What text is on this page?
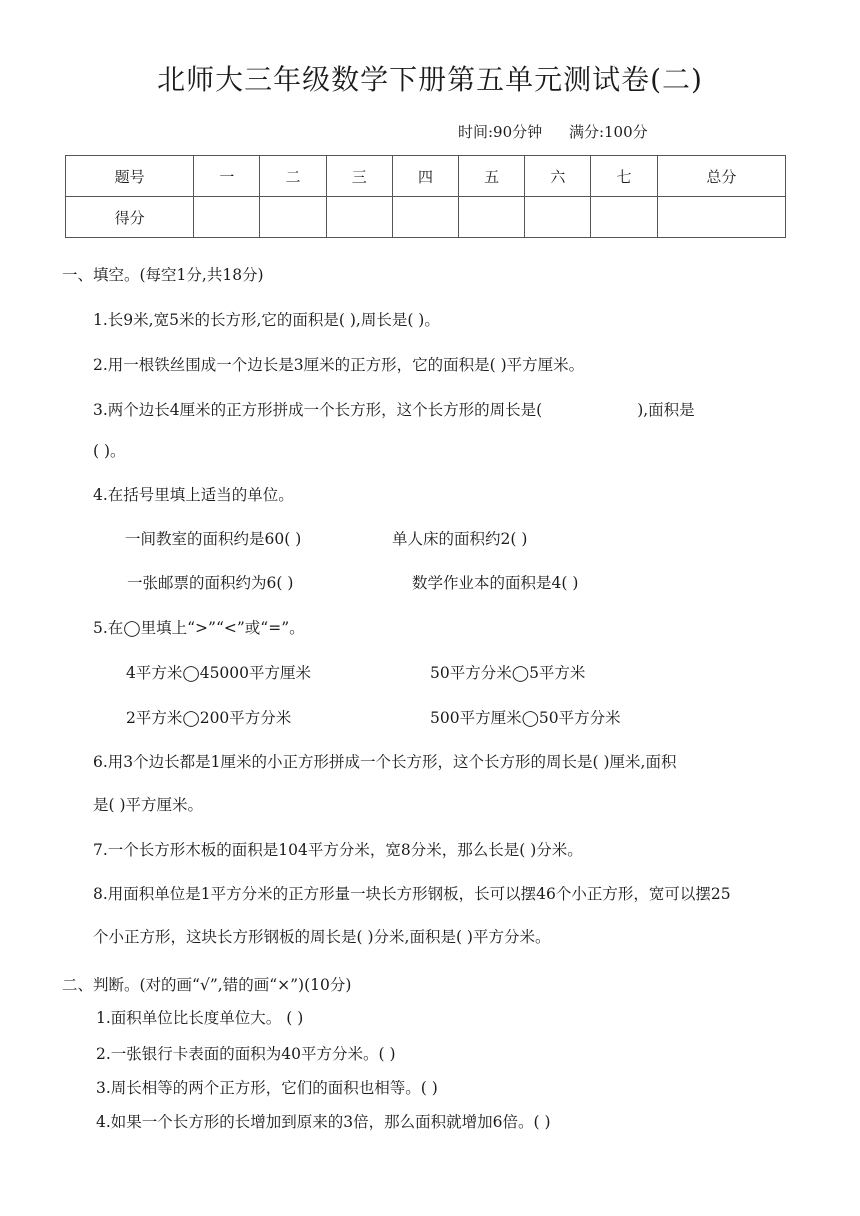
北师大三年级数学下册第五单元测试卷(二)
时间:90分钟 满分:100分
题号	一	二	三	四	五	六	七	总分
得分								
一、填空。(每空1分,共18分)
1.长9米,宽5米的长方形,它的面积是( ),周长是( )。
2.用一根铁丝围成一个边长是3厘米的正方形，它的面积是( )平方厘米。
3.两个边长4厘米的正方形拼成一个长方形，这个长方形的周长是(	),面积是
( )。
4.在括号里填上适当的单位。
一间教室的面积约是60( )	单人床的面积约2( )
一张邮票的面积约为6( )	数学作业本的面积是4( )
5.在◯里填上“>”“<”或“=”。
4平方米◯45000平方厘米	50平方分米◯5平方米
2平方米◯200平方分米	500平方厘米◯50平方分米
6.用3个边长都是1厘米的小正方形拼成一个长方形，这个长方形的周长是( )厘米,面积
是( )平方厘米。
7.一个长方形木板的面积是104平方分米，宽8分米，那么长是( )分米。
8.用面积单位是1平方分米的正方形量一块长方形钢板，长可以摆46个小正方形，宽可以摆25
个小正方形，这块长方形钢板的周长是( )分米,面积是( )平方分米。
二、判断。(对的画“√”,错的画“×”)(10分)
1.面积单位比长度单位大。 ( )
2.一张银行卡表面的面积为40平方分米。( )
3.周长相等的两个正方形，它们的面积也相等。( )
4.如果一个长方形的长增加到原来的3倍，那么面积就增加6倍。( )
